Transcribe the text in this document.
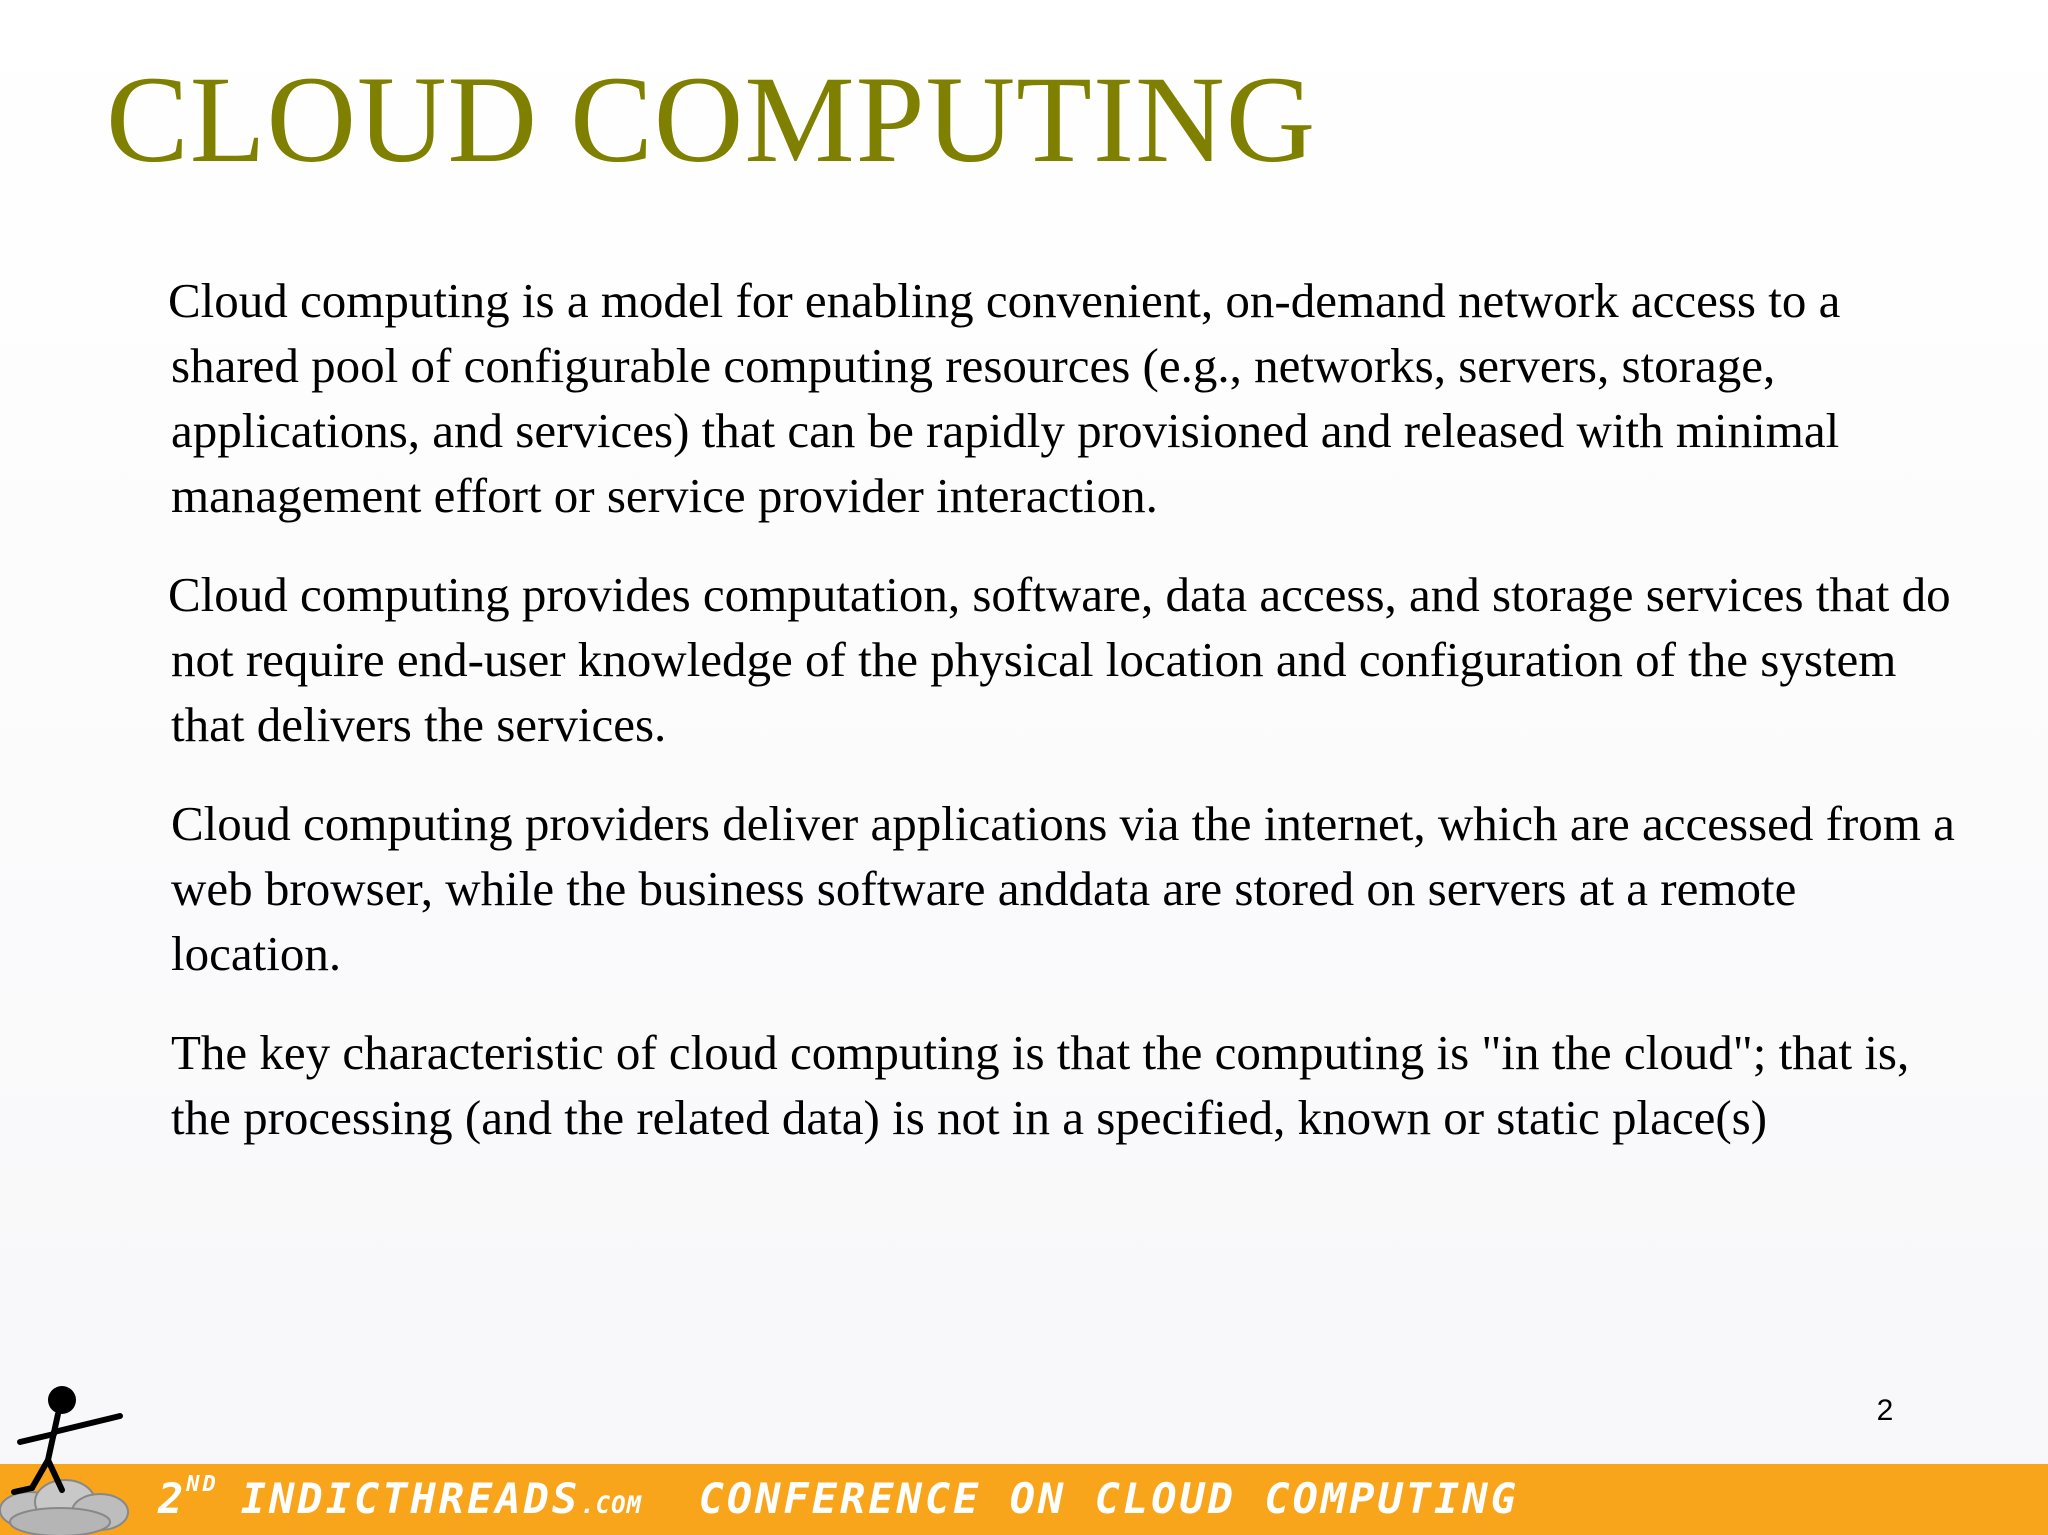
CLOUD COMPUTING

Cloud computing is a model for enabling convenient, on-demand network access to a shared pool of configurable computing resources (e.g., networks, servers, storage, applications, and services) that can be rapidly provisioned and released with minimal management effort or service provider interaction.

Cloud computing provides computation, software, data access, and storage services that do not require end-user knowledge of the physical location and configuration of the system that delivers the services.

Cloud computing providers deliver applications via the internet, which are accessed from a web browser, while the business software anddata are stored on servers at a remote location.

The key characteristic of cloud computing is that the computing is "in the cloud"; that is, the processing (and the related data) is not in a specified, known or static place(s)

2
2ND INDICTHREADS.COM CONFERENCE ON CLOUD COMPUTING
